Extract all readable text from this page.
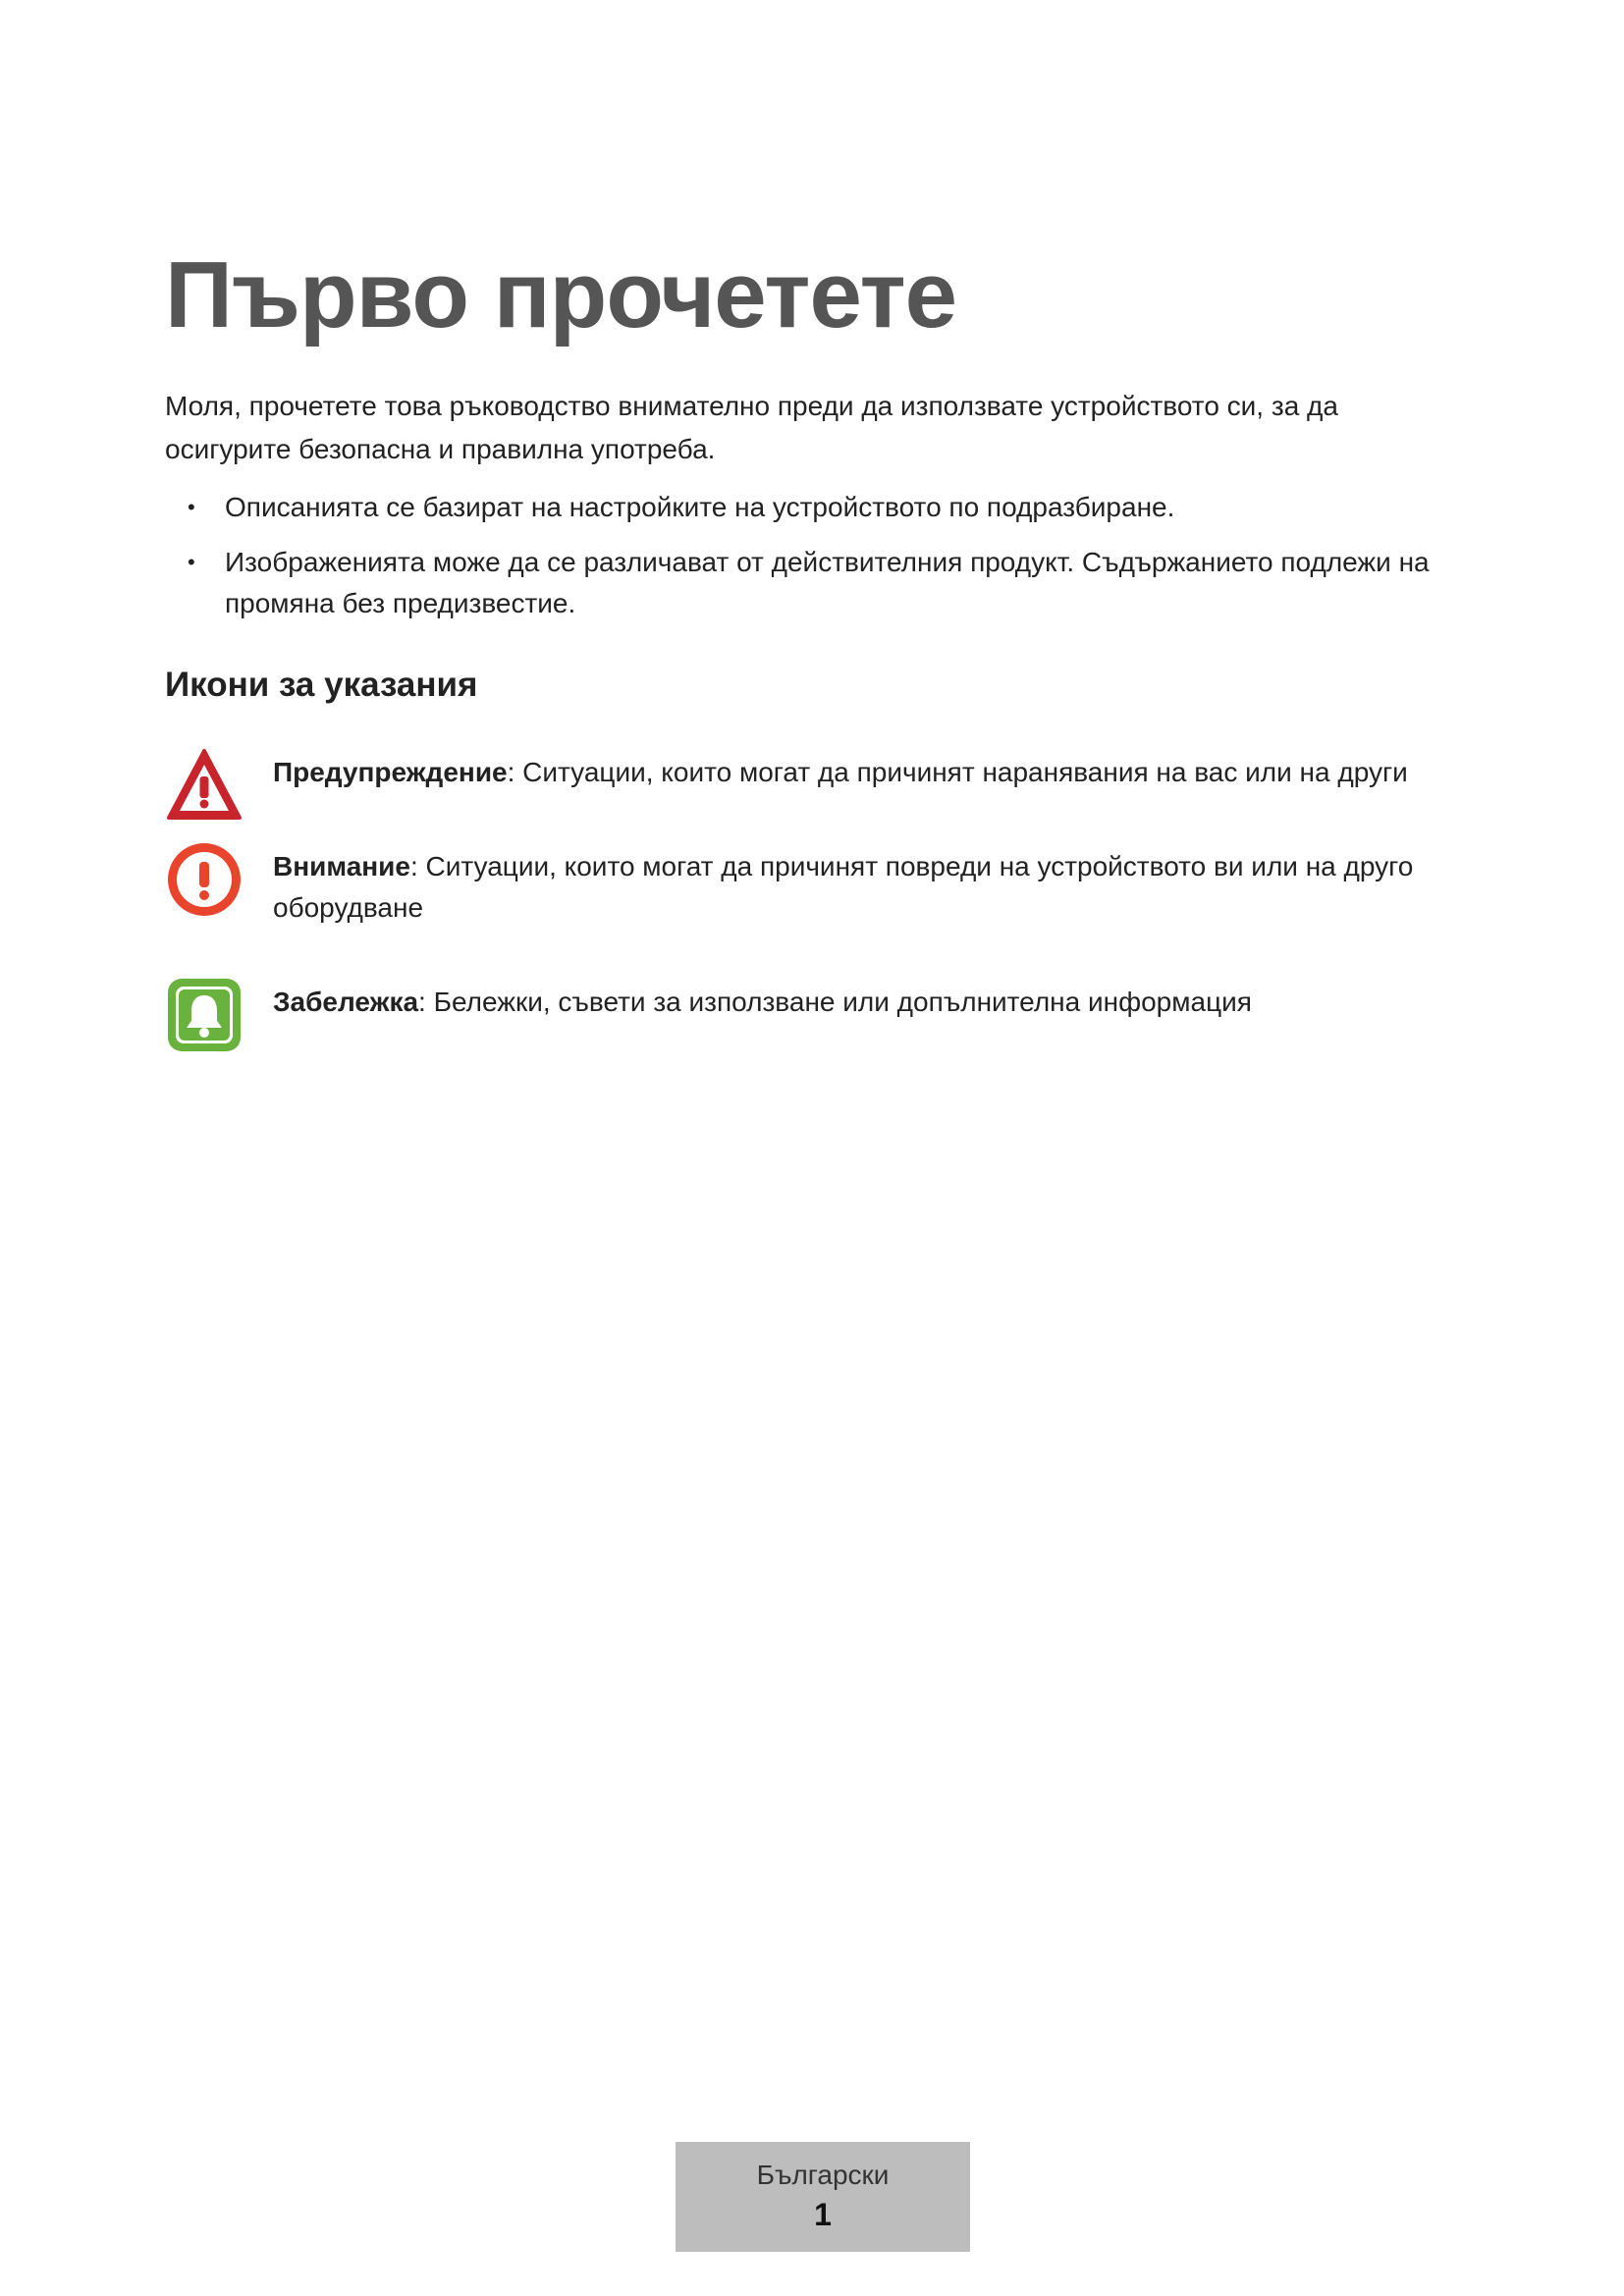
Първо прочетете

Моля, прочетете това ръководство внимателно преди да използвате устройството си, за да осигурите безопасна и правилна употреба.

• Описанията се базират на настройките на устройството по подразбиране.
• Изображенията може да се различават от действителния продукт. Съдържанието подлежи на промяна без предизвестие.
Икони за указания
Предупреждение: Ситуации, които могат да причинят наранявания на вас или на други
Внимание: Ситуации, които могат да причинят повреди на устройството ви или на друго оборудване
Забележка: Бележки, съвети за използване или допълнителна информация
Български
1
